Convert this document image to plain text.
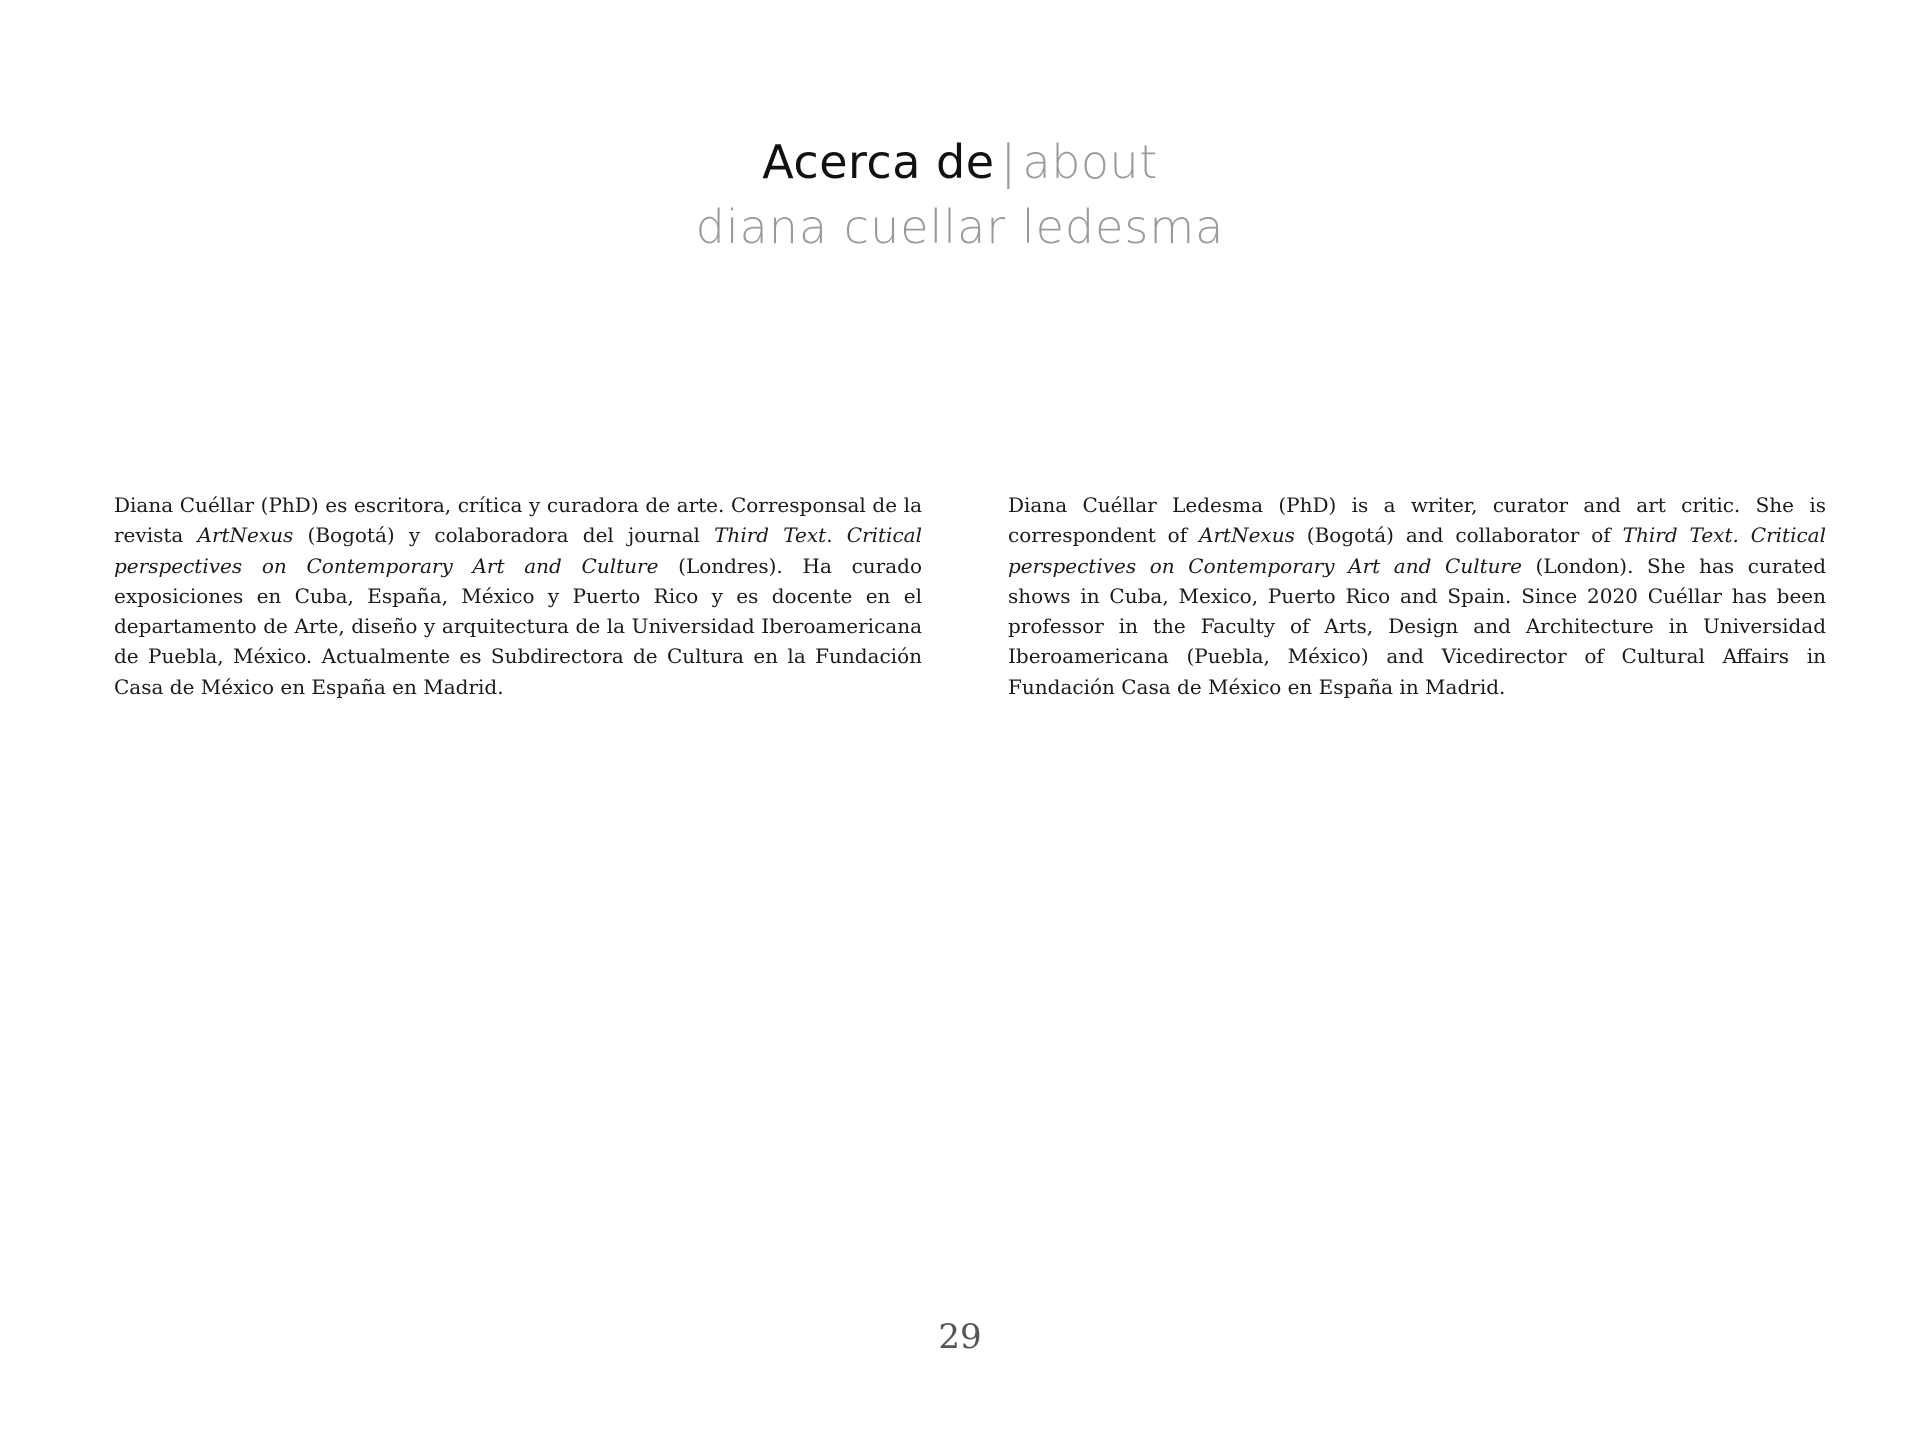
Acerca de | about
diana cuellar ledesma
Diana Cuéllar (PhD) es escritora, crítica y curadora de arte. Corresponsal de la revista ArtNexus (Bogotá) y colaboradora del journal Third Text. Critical perspectives on Contemporary Art and Culture (Londres). Ha curado exposiciones en Cuba, España, México y Puerto Rico y es docente en el departamento de Arte, diseño y arquitectura de la Universidad Iberoamericana de Puebla, México. Actualmente es Subdirectora de Cultura en la Fundación Casa de México en España en Madrid.
Diana Cuéllar Ledesma (PhD) is a writer, curator and art critic. She is correspondent of ArtNexus (Bogotá) and collaborator of Third Text. Critical perspectives on Contemporary Art and Culture (London). She has curated shows in Cuba, Mexico, Puerto Rico and Spain. Since 2020 Cuéllar has been professor in the Faculty of Arts, Design and Architecture in Universidad Iberoamericana (Puebla, México) and Vicedirector of Cultural Affairs in Fundación Casa de México en España in Madrid.
29
